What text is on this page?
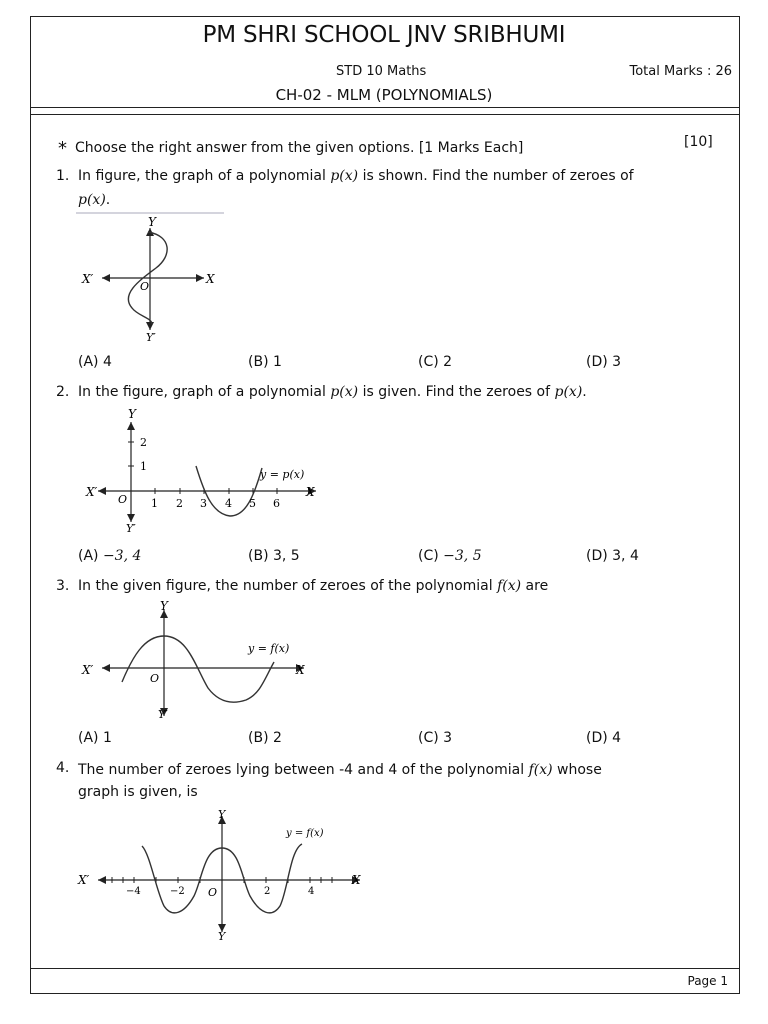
PM SHRI SCHOOL JNV SRIBHUMI
STD 10 Maths	Total Marks : 26
CH-02 - MLM (POLYNOMIALS)
* Choose the right answer from the given options. [1 Marks Each]	[10]
1. In figure, the graph of a polynomial p(x) is shown. Find the number of zeroes of
p(x).
Y
X
X′
Y′
O
(A) 4	(B) 1	(C) 2	(D) 3
2. In the figure, graph of a polynomial p(x) is given. Find the zeroes of p(x).
Y
X
X′
Y′
O 1 2 3 4 5 6
1
2
y = p(x)
(A) −3, 4	(B) 3, 5	(C) −3, 5	(D) 3, 4
3. In the given figure, the number of zeroes of the polynomial f(x) are
Y
X
X′
Y′
O
y = f(x)
(A) 1	(B) 2	(C) 3	(D) 4
4. The number of zeroes lying between -4 and 4 of the polynomial f(x) whose
graph is given, is
Y
X
X′
Y
O
−4	−2	2	4
y = f(x)
Page 1
